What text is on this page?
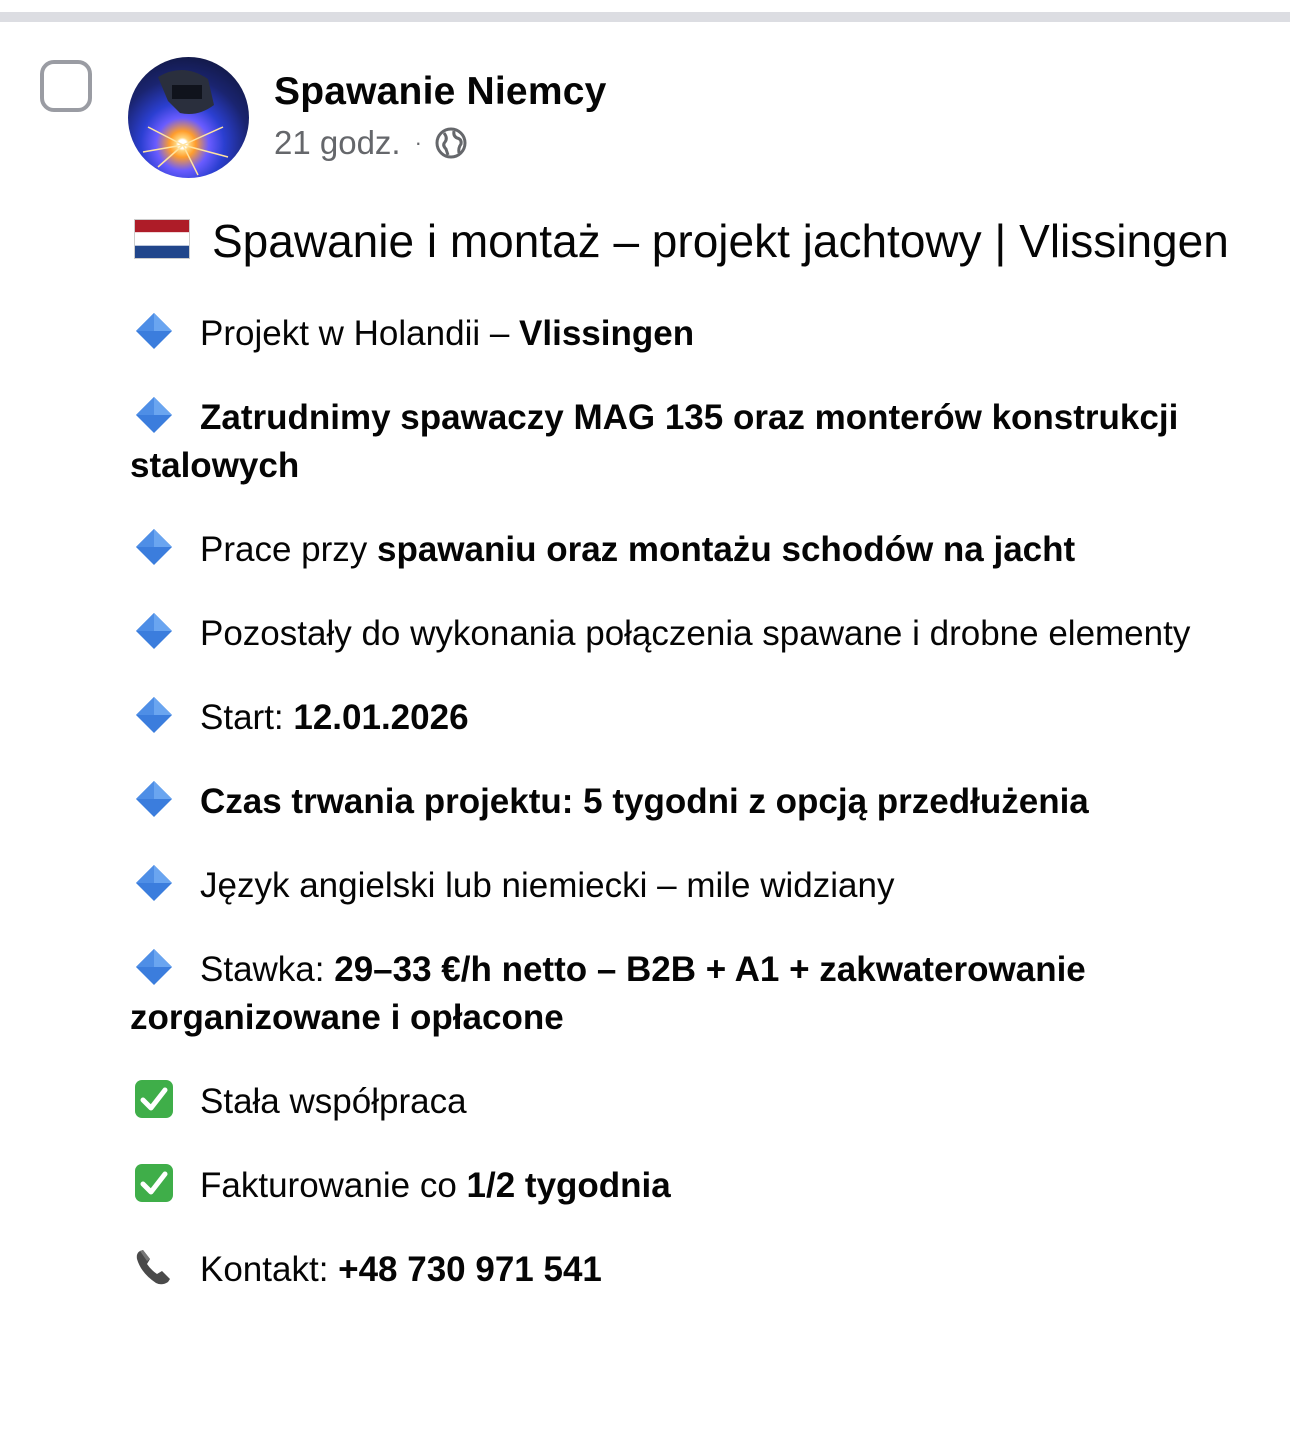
Spawanie Niemcy
21 godz. ·
Spawanie i montaż – projekt jachtowy | Vlissingen
Projekt w Holandii – Vlissingen
Zatrudnimy spawaczy MAG 135 oraz monterów konstrukcji stalowych
Prace przy spawaniu oraz montażu schodów na jacht
Pozostały do wykonania połączenia spawane i drobne elementy
Start: 12.01.2026
Czas trwania projektu: 5 tygodni z opcją przedłużenia
Język angielski lub niemiecki – mile widziany
Stawka: 29–33 €/h netto – B2B + A1 + zakwaterowanie zorganizowane i opłacone
Stała współpraca
Fakturowanie co 1/2 tygodnia
Kontakt: +48 730 971 541
